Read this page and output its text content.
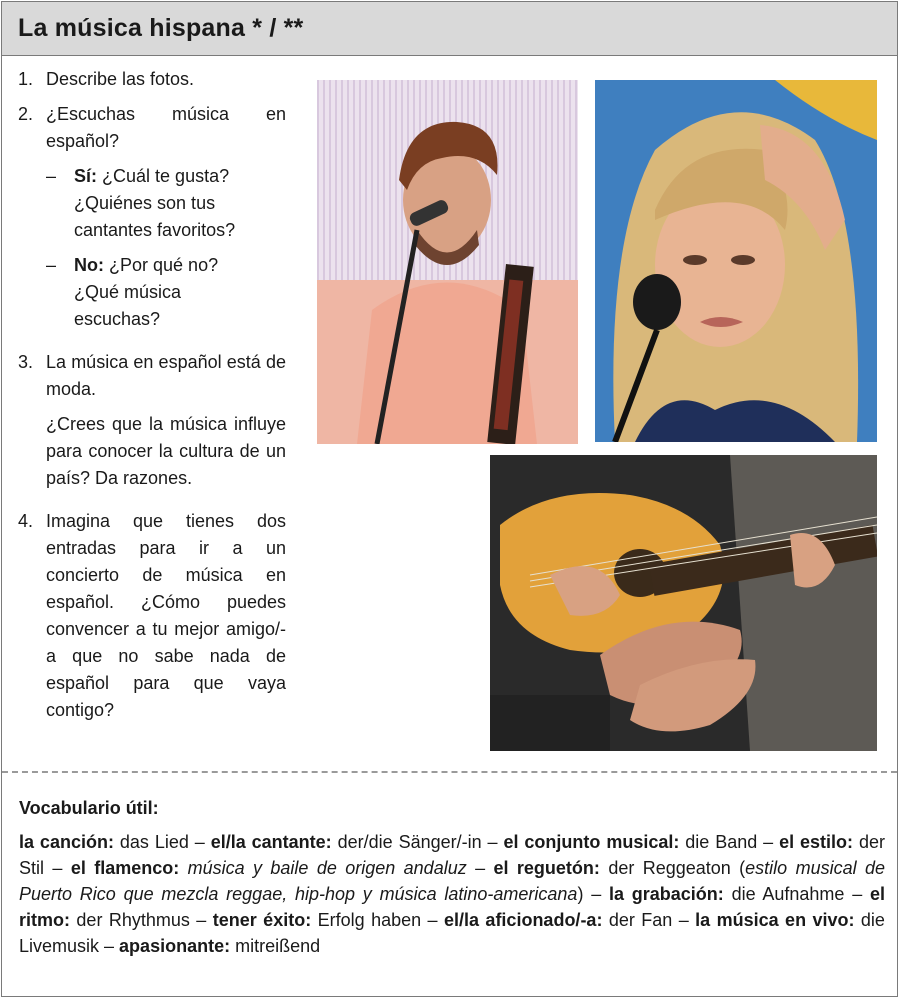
La música hispana * / **
1. Describe las fotos.
2. ¿Escuchas música en español?

– Sí: ¿Cuál te gusta? ¿Quiénes son tus cantantes favoritos?
– No: ¿Por qué no? ¿Qué música escuchas?
3. La música en español está de moda.

¿Crees que la música influye para conocer la cultura de un país? Da razones.

4. Imagina que tienes dos entradas para ir a un concierto de música en español. ¿Cómo puedes convencer a tu mejor amigo/-a que no sabe nada de español para que vaya contigo?
Vocabulario útil:
la canción: das Lied – el/la cantante: der/die Sänger/-in – el conjunto musical: die Band – el estilo: der Stil – el flamenco: música y baile de origen andaluz – el reguetón: der Reggeaton (estilo musical de Puerto Rico que mezcla reggae, hip-hop y música latino-americana) – la grabación: die Aufnahme – el ritmo: der Rhythmus – tener éxito: Erfolg haben – el/la aficionado/-a: der Fan – la música en vivo: die Livemusik – apasionante: mitreißend
